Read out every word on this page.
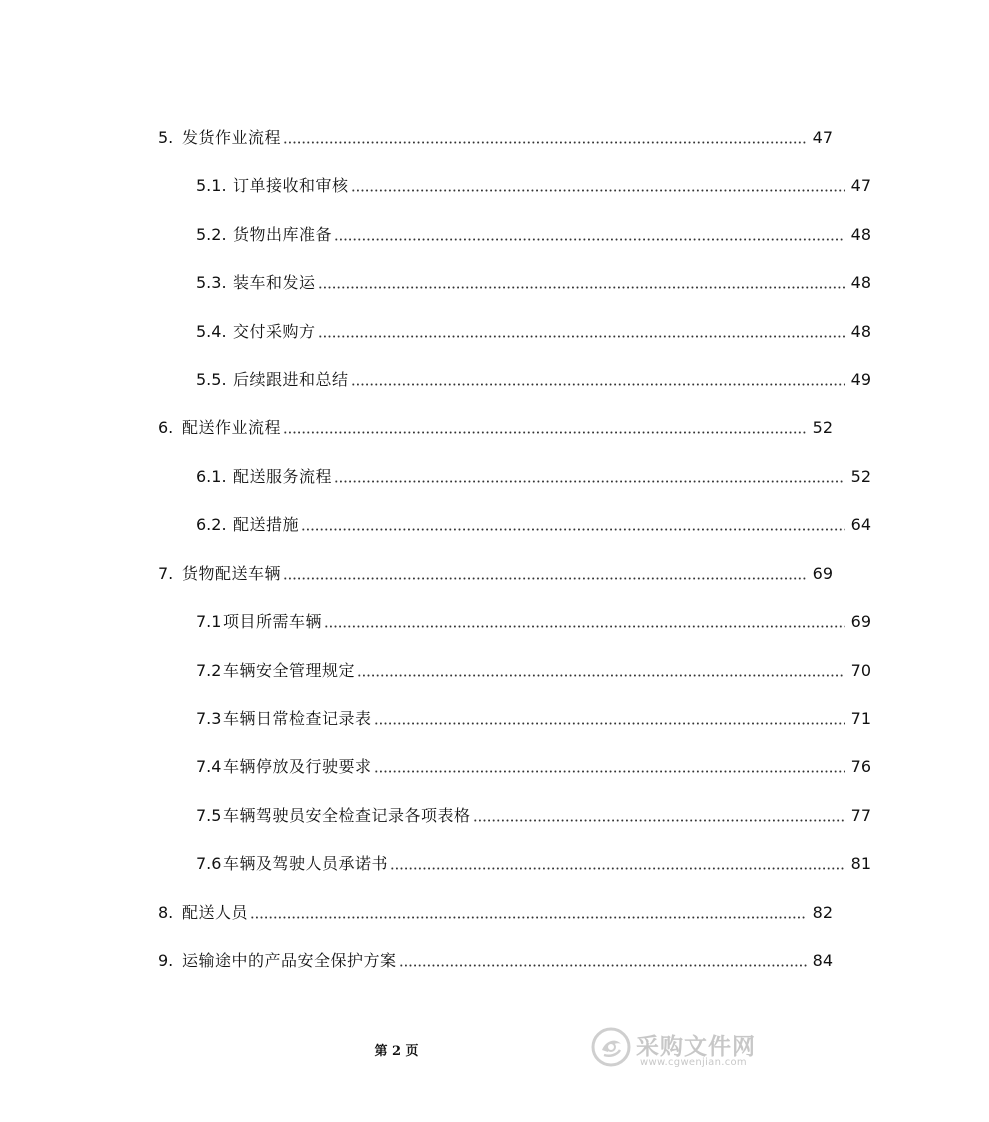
5. 发货作业流程	47
5.1. 订单接收和审核	47
5.2. 货物出库准备	48
5.3. 装车和发运	48
5.4. 交付采购方	48
5.5. 后续跟进和总结	49
6. 配送作业流程	52
6.1. 配送服务流程	52
6.2. 配送措施	64
7. 货物配送车辆	69
7.1 项目所需车辆	69
7.2 车辆安全管理规定	70
7.3 车辆日常检查记录表	71
7.4 车辆停放及行驶要求	76
7.5 车辆驾驶员安全检查记录各项表格	77
7.6 车辆及驾驶人员承诺书	81
8. 配送人员	82
9. 运输途中的产品安全保护方案	84
第 2 页	采购文件网
www.cgwenjian.com
